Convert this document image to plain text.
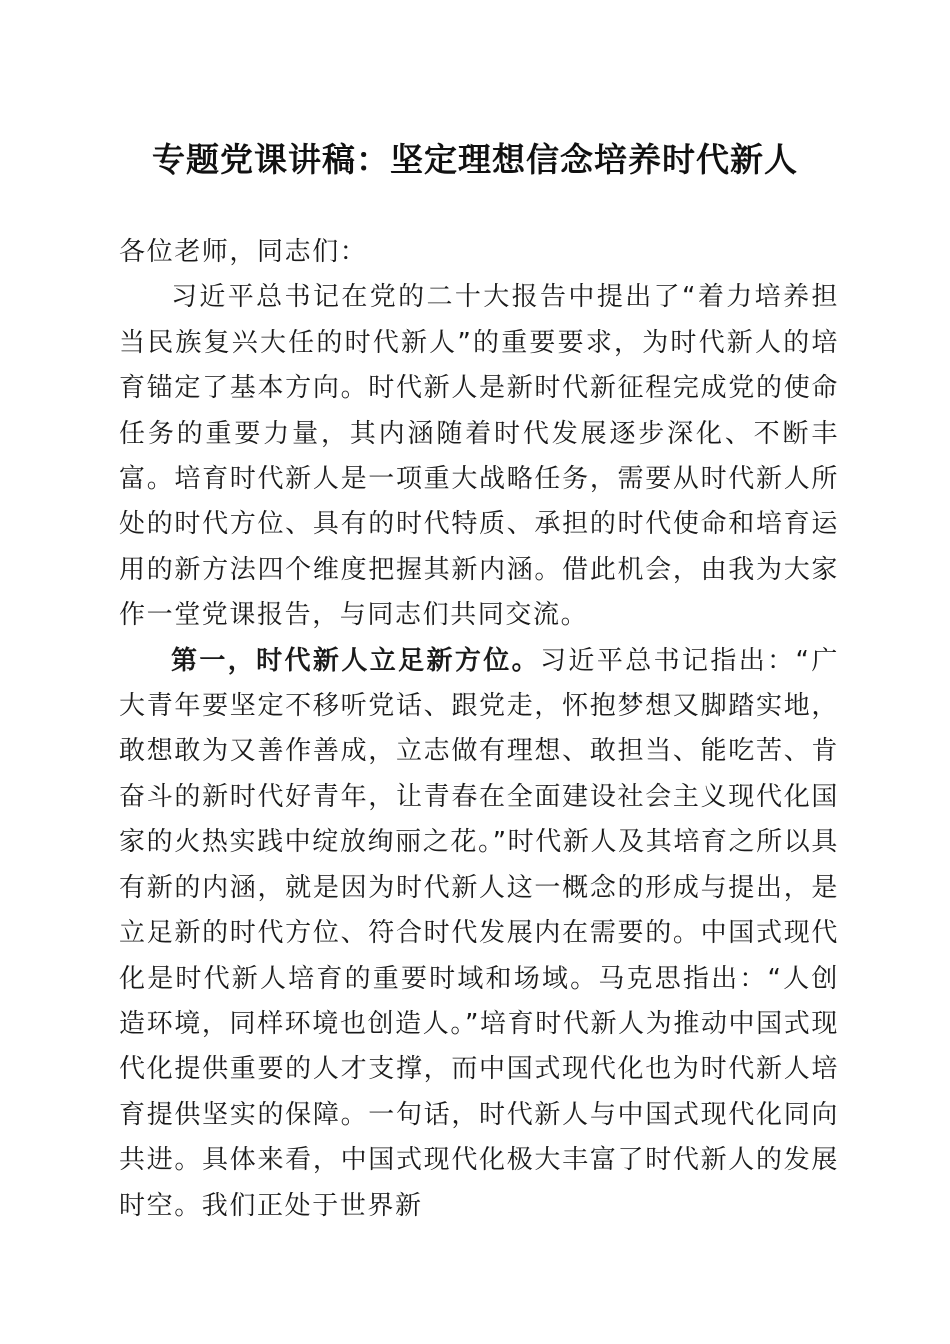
专题党课讲稿：坚定理想信念培养时代新人

各位老师，同志们：

习近平总书记在党的二十大报告中提出了“着力培养担当民族复兴大任的时代新人”的重要要求，为时代新人的培育锚定了基本方向。时代新人是新时代新征程完成党的使命任务的重要力量，其内涵随着时代发展逐步深化、不断丰富。培育时代新人是一项重大战略任务，需要从时代新人所处的时代方位、具有的时代特质、承担的时代使命和培育运用的新方法四个维度把握其新内涵。借此机会，由我为大家作一堂党课报告，与同志们共同交流。

第一，时代新人立足新方位。习近平总书记指出：“广大青年要坚定不移听党话、跟党走，怀抱梦想又脚踏实地，敢想敢为又善作善成，立志做有理想、敢担当、能吃苦、肯奋斗的新时代好青年，让青春在全面建设社会主义现代化国家的火热实践中绽放绚丽之花。”时代新人及其培育之所以具有新的内涵，就是因为时代新人这一概念的形成与提出，是立足新的时代方位、符合时代发展内在需要的。中国式现代化是时代新人培育的重要时域和场域。马克思指出：“人创造环境，同样环境也创造人。”培育时代新人为推动中国式现代化提供重要的人才支撑，而中国式现代化也为时代新人培育提供坚实的保障。一句话，时代新人与中国式现代化同向共进。具体来看，中国式现代化极大丰富了时代新人的发展时空。我们正处于世界新
